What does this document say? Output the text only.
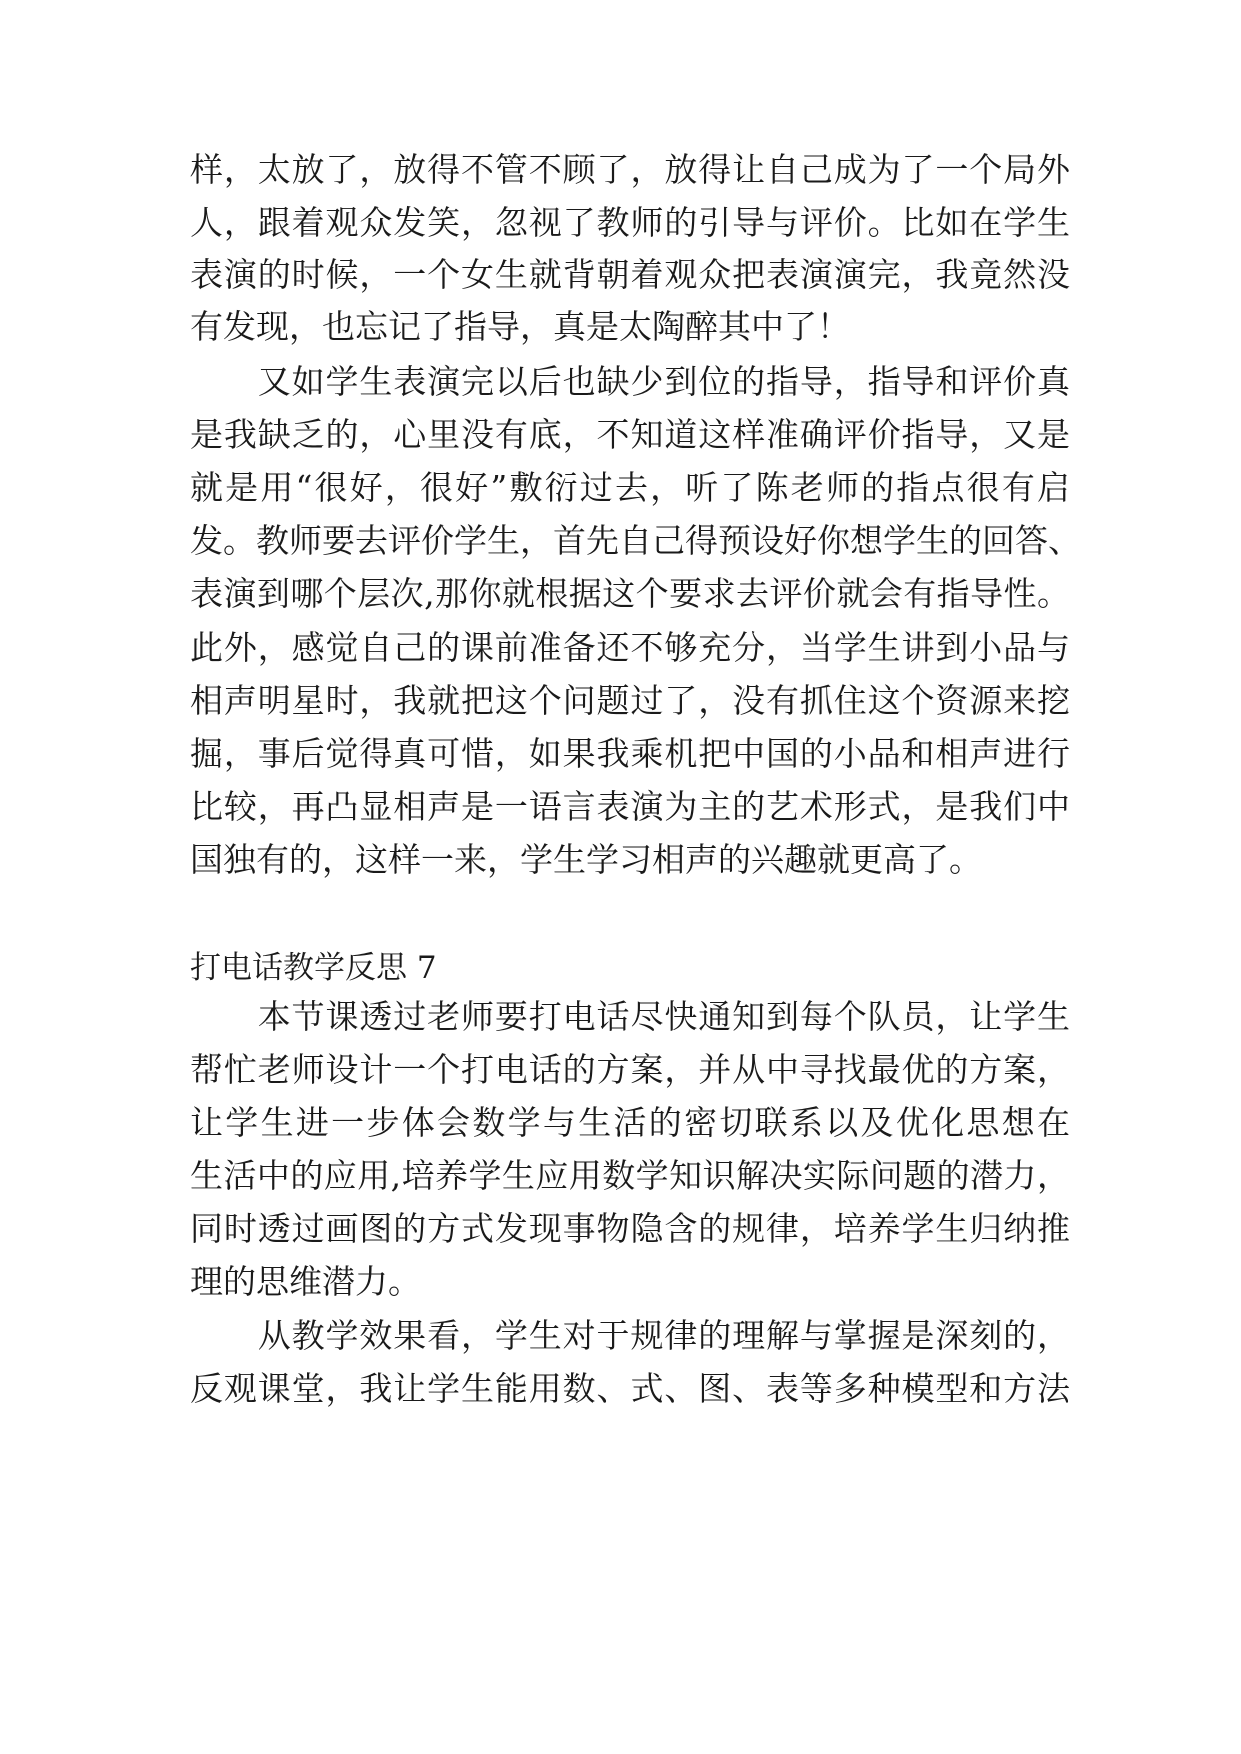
样，太放了，放得不管不顾了，放得让自己成为了一个局外
人，跟着观众发笑，忽视了教师的引导与评价。比如在学生
表演的时候，一个女生就背朝着观众把表演演完，我竟然没
有发现，也忘记了指导，真是太陶醉其中了！
　　又如学生表演完以后也缺少到位的指导，指导和评价真
是我缺乏的，心里没有底，不知道这样准确评价指导，又是
就是用“很好，很好”敷衍过去，听了陈老师的指点很有启
发。教师要去评价学生，首先自己得预设好你想学生的回答、
表演到哪个层次,那你就根据这个要求去评价就会有指导性。
此外，感觉自己的课前准备还不够充分，当学生讲到小品与
相声明星时，我就把这个问题过了，没有抓住这个资源来挖
掘，事后觉得真可惜，如果我乘机把中国的小品和相声进行
比较，再凸显相声是一语言表演为主的艺术形式，是我们中
国独有的，这样一来，学生学习相声的兴趣就更高了。
打电话教学反思 7
　　本节课透过老师要打电话尽快通知到每个队员，让学生
帮忙老师设计一个打电话的方案，并从中寻找最优的方案，
让学生进一步体会数学与生活的密切联系以及优化思想在
生活中的应用,培养学生应用数学知识解决实际问题的潜力，
同时透过画图的方式发现事物隐含的规律，培养学生归纳推
理的思维潜力。
　　从教学效果看，学生对于规律的理解与掌握是深刻的，
反观课堂，我让学生能用数、式、图、表等多种模型和方法
